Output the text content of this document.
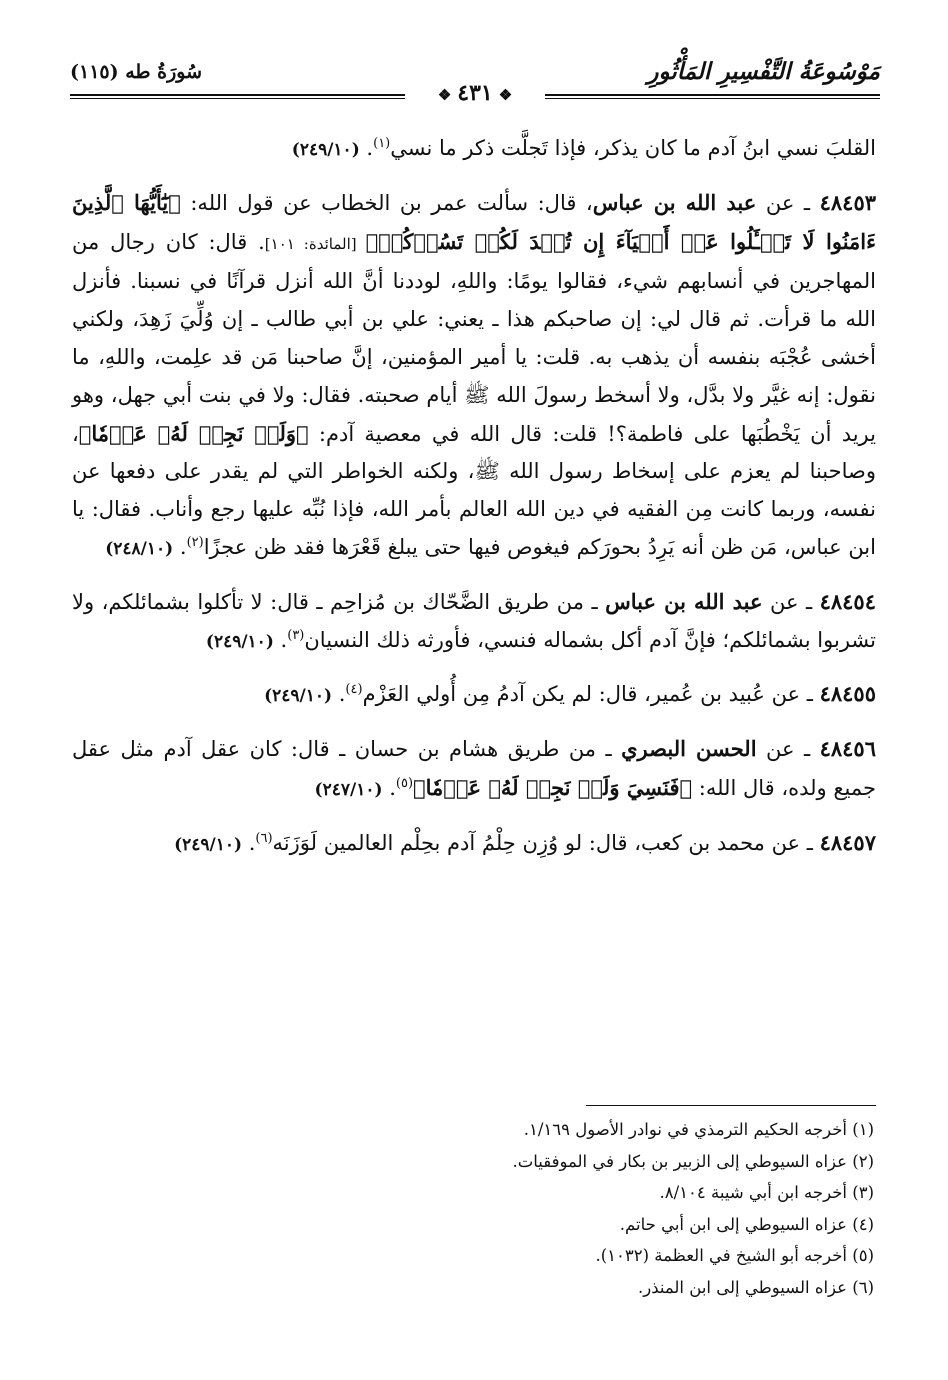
مَوْسُوعَةُ التَّفْسِيرِ المَأْثُورِ
❖٤٣١❖
سُورَةُ طه (١١٥)

القلبَ نسي ابنُ آدم ما كان يذكر، فإذا تَجلَّت ذكر ما نسي$^{(١)}$. (٢٤٩/١٠)

٤٨٤٥٣ ـ عن عبد الله بن عباس، قال: سألت عمر بن الخطاب عن قول الله: ﴿يَٰٓأَيُّهَا ٱلَّذِينَ ءَامَنُوا لَا تَسۡـَٔلُوا عَنۡ أَشۡيَآءَ إِن تُبۡدَ لَكُمۡ تَسُؤۡكُمۡ﴾ [المائدة: ١٠١]. قال: كان رجال من المهاجرين في أنسابهم شيء، فقالوا يومًا: واللهِ، لوددنا أنَّ الله أنزل قرآنًا في نسبنا. فأنزل الله ما قرأت. ثم قال لي: إن صاحبكم هذا ـ يعني: علي بن أبي طالب ـ إن وُلِّيَ زَهِدَ، ولكني أخشى عُجْبَه بنفسه أن يذهب به. قلت: يا أمير المؤمنين، إنَّ صاحبنا مَن قد علِمت، واللهِ، ما نقول: إنه غيَّر ولا بدَّل، ولا أسخط رسولَ الله ﷺ أيام صحبته. فقال: ولا في بنت أبي جهل، وهو يريد أن يَخْطُبَها على فاطمة؟! قلت: قال الله في معصية آدم: ﴿وَلَمۡ نَجِدۡ لَهُۥ عَزۡمٗا﴾، وصاحبنا لم يعزم على إسخاط رسول الله ﷺ، ولكنه الخواطر التي لم يقدر على دفعها عن نفسه، وربما كانت مِن الفقيه في دين الله العالم بأمر الله، فإذا نُبِّه عليها رجع وأناب. فقال: يا ابن عباس، مَن ظن أنه يَرِدُ بحورَكم فيغوص فيها حتى يبلغ قَعْرَها فقد ظن عجزًا$^{(٢)}$. (٢٤٨/١٠)

٤٨٤٥٤ ـ عن عبد الله بن عباس ـ من طريق الضَّحّاك بن مُزاحِم ـ قال: لا تأكلوا بشمائلكم، ولا تشربوا بشمائلكم؛ فإنَّ آدم أكل بشماله فنسي، فأورثه ذلك النسيان$^{(٣)}$. (٢٤٩/١٠)

٤٨٤٥٥ ـ عن عُبيد بن عُمير، قال: لم يكن آدمُ مِن أُولي العَزْم$^{(٤)}$. (٢٤٩/١٠)

٤٨٤٥٦ ـ عن الحسن البصري ـ من طريق هشام بن حسان ـ قال: كان عقل آدم مثل عقل جميع ولده، قال الله: ﴿فَنَسِيَ وَلَمۡ نَجِدۡ لَهُۥ عَزۡمٗا﴾$^{(٥)}$. (٢٤٧/١٠)

٤٨٤٥٧ ـ عن محمد بن كعب، قال: لو وُزِن حِلْمُ آدم بحِلْم العالمين لَوَزَنَه$^{(٦)}$. (٢٤٩/١٠)

(١) أخرجه الحكيم الترمذي في نوادر الأصول ١/١٦٩.
(٢) عزاه السيوطي إلى الزبير بن بكار في الموفقيات.
(٣) أخرجه ابن أبي شيبة ٨/١٠٤.
(٤) عزاه السيوطي إلى ابن أبي حاتم.
(٥) أخرجه أبو الشيخ في العظمة (١٠٣٢).
(٦) عزاه السيوطي إلى ابن المنذر.
